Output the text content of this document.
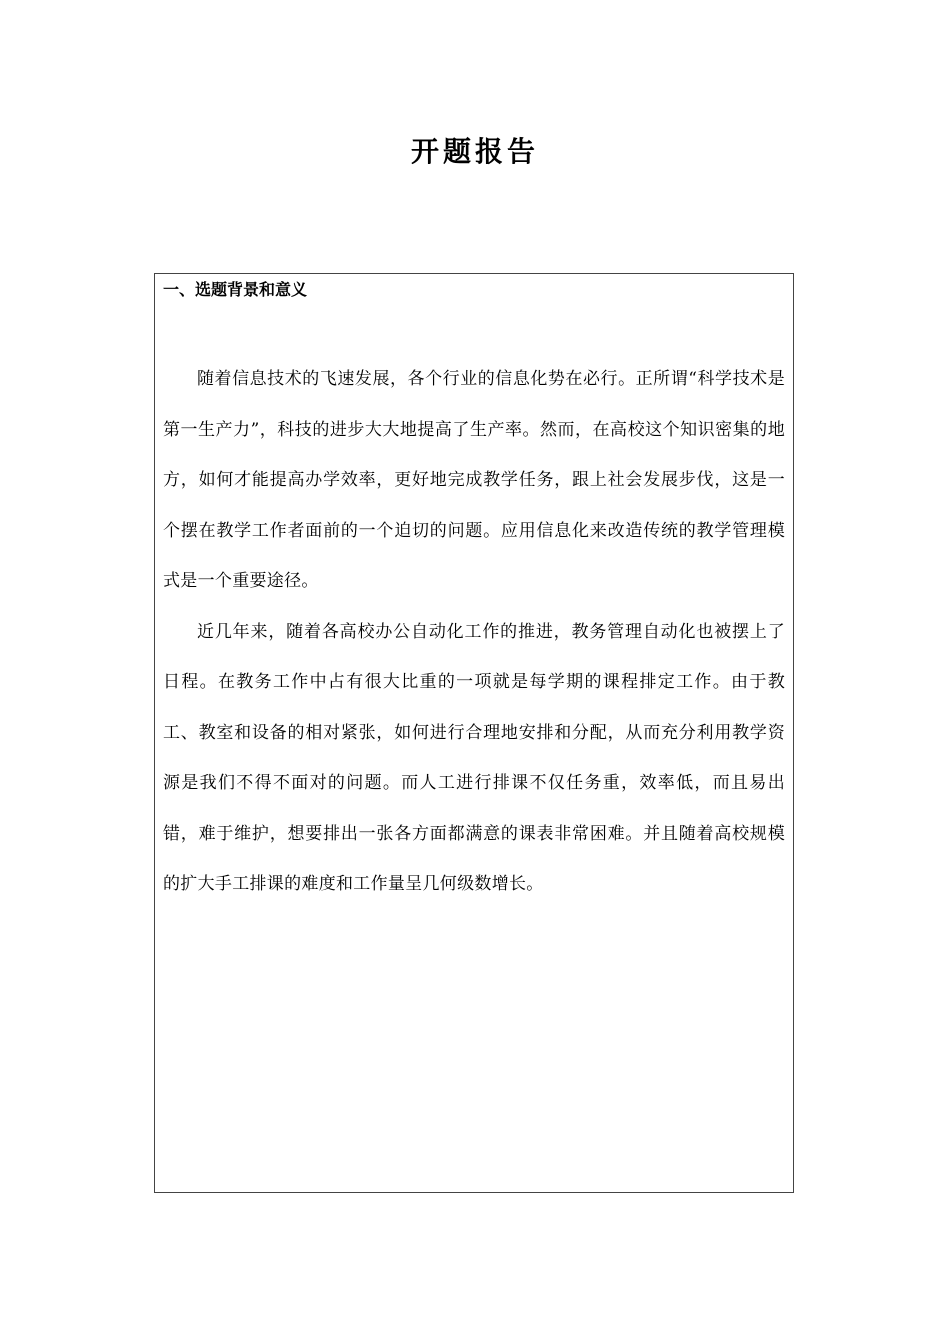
开题报告
一、选题背景和意义

随着信息技术的飞速发展，各个行业的信息化势在必行。正所谓“科学技术是第一生产力”，科技的进步大大地提高了生产率。然而，在高校这个知识密集的地方，如何才能提高办学效率，更好地完成教学任务，跟上社会发展步伐，这是一个摆在教学工作者面前的一个迫切的问题。应用信息化来改造传统的教学管理模式是一个重要途径。

近几年来，随着各高校办公自动化工作的推进，教务管理自动化也被摆上了日程。在教务工作中占有很大比重的一项就是每学期的课程排定工作。由于教工、教室和设备的相对紧张，如何进行合理地安排和分配，从而充分利用教学资源是我们不得不面对的问题。而人工进行排课不仅任务重，效率低，而且易出错，难于维护，想要排出一张各方面都满意的课表非常困难。并且随着高校规模的扩大手工排课的难度和工作量呈几何级数增长。
